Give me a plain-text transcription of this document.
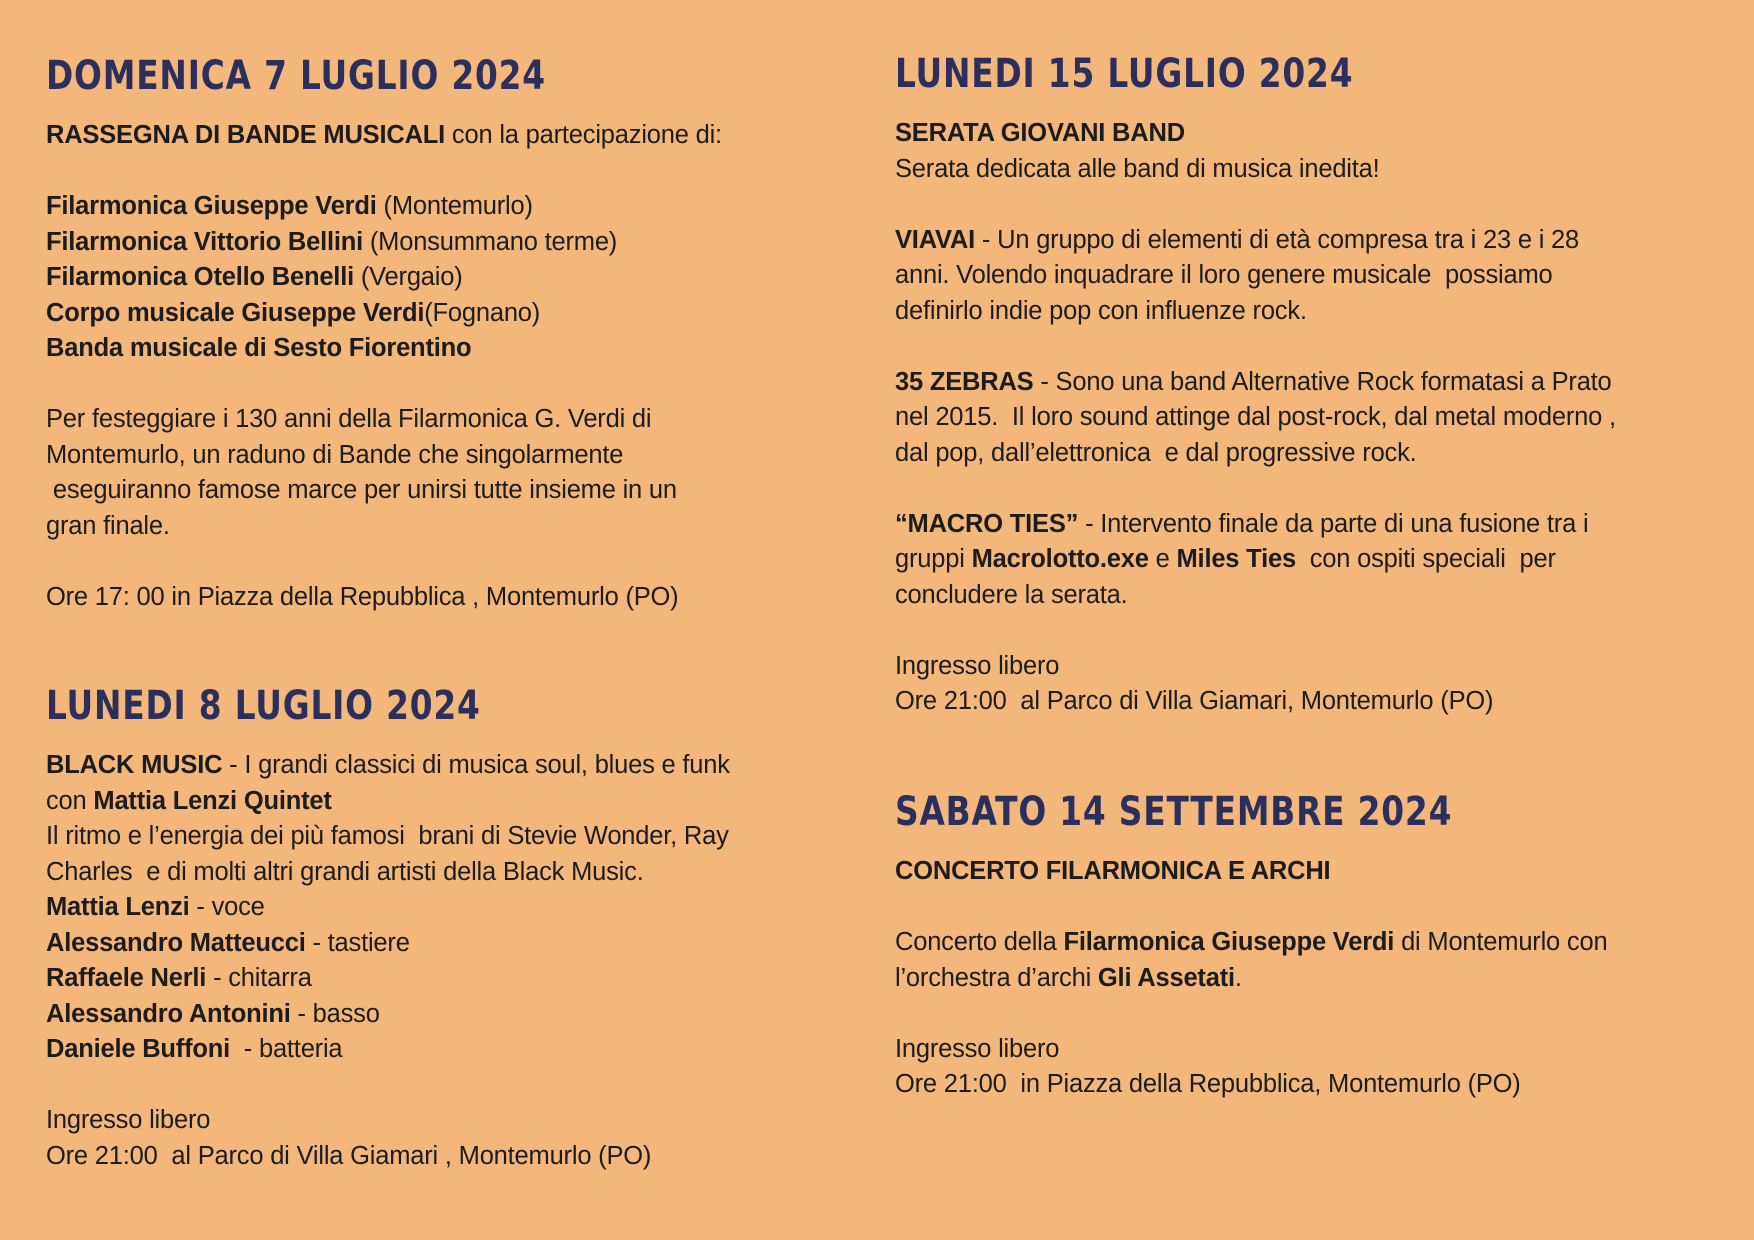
DOMENICA 7 LUGLIO 2024

RASSEGNA DI BANDE MUSICALI con la partecipazione di:

Filarmonica Giuseppe Verdi (Montemurlo)

Filarmonica Vittorio Bellini (Monsummano terme)

Filarmonica Otello Benelli (Vergaio)

Corpo musicale Giuseppe Verdi(Fognano)

Banda musicale di Sesto Fiorentino

Per festeggiare i 130 anni della Filarmonica G. Verdi di

Montemurlo, un raduno di Bande che singolarmente

eseguiranno famose marce per unirsi tutte insieme in un

gran finale.

Ore 17: 00 in Piazza della Repubblica , Montemurlo (PO)

LUNEDI 8 LUGLIO 2024

BLACK MUSIC - I grandi classici di musica soul, blues e funk

con Mattia Lenzi Quintet

Il ritmo e l’energia dei più famosi  brani di Stevie Wonder, Ray

Charles  e di molti altri grandi artisti della Black Music.

Mattia Lenzi - voce

Alessandro Matteucci - tastiere

Raffaele Nerli - chitarra

Alessandro Antonini - basso

Daniele Buffoni  - batteria

Ingresso libero

Ore 21:00  al Parco di Villa Giamari , Montemurlo (PO)

LUNEDI 15 LUGLIO 2024

SERATA GIOVANI BAND

Serata dedicata alle band di musica inedita!

VIAVAI - Un gruppo di elementi di età compresa tra i 23 e i 28

anni. Volendo inquadrare il loro genere musicale  possiamo

definirlo indie pop con influenze rock.

35 ZEBRAS - Sono una band Alternative Rock formatasi a Prato

nel 2015.  Il loro sound attinge dal post-rock, dal metal moderno ,

dal pop, dall’elettronica  e dal progressive rock.

“MACRO TIES” - Intervento finale da parte di una fusione tra i

gruppi Macrolotto.exe e Miles Ties  con ospiti speciali  per

concludere la serata.

Ingresso libero

Ore 21:00  al Parco di Villa Giamari, Montemurlo (PO)

SABATO 14 SETTEMBRE 2024

CONCERTO FILARMONICA E ARCHI

Concerto della Filarmonica Giuseppe Verdi di Montemurlo con

l’orchestra d’archi Gli Assetati.

Ingresso libero

Ore 21:00  in Piazza della Repubblica, Montemurlo (PO)
